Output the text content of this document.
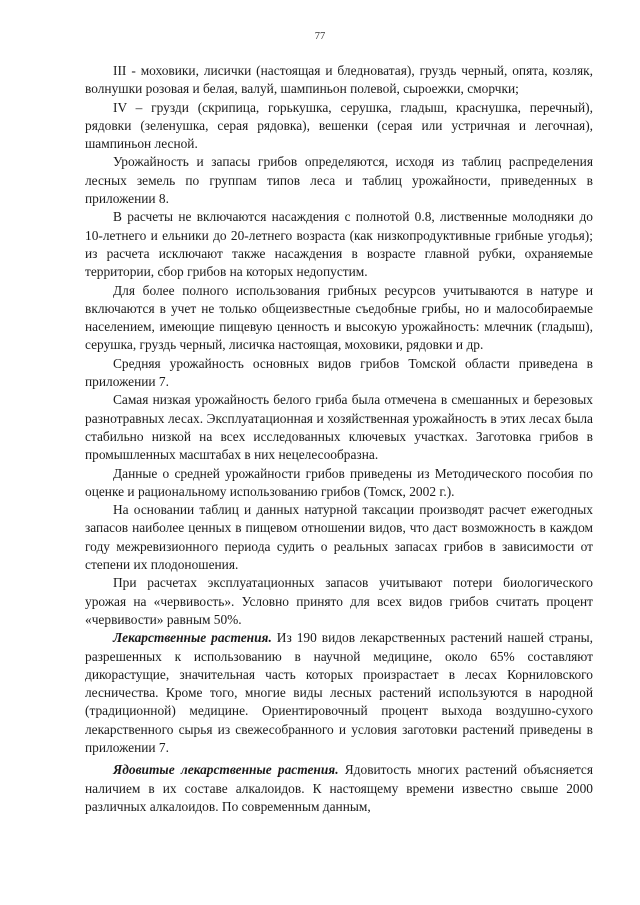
77

III - моховики, лисички (настоящая и бледноватая), груздь черный, опята, козляк, волнушки розовая и белая, валуй, шампиньон полевой, сыроежки, сморчки;

IV – грузди (скрипица, горькушка, серушка, гладыш, краснушка, перечный), рядовки (зеленушка, серая рядовка), вешенки (серая или устричная и легочная), шампиньон лесной.

Урожайность и запасы грибов определяются, исходя из таблиц распределения лесных земель по группам типов леса и таблиц урожайности, приведенных в приложении 8.

В расчеты не включаются насаждения с полнотой 0.8, лиственные молодняки до 10-летнего и ельники до 20-летнего возраста (как низкопродуктивные грибные угодья); из расчета исключают также насаждения в возрасте главной рубки, охраняемые территории, сбор грибов на которых недопустим.

Для более полного использования грибных ресурсов учитываются в натуре и включаются в учет не только общеизвестные съедобные грибы, но и малособираемые населением, имеющие пищевую ценность и высокую урожайность: млечник (гладыш), серушка, груздь черный, лисичка настоящая, моховики, рядовки и др.

Средняя урожайность основных видов грибов Томской области приведена в приложении 7.

Самая низкая урожайность белого гриба была отмечена в смешанных и березовых разнотравных лесах. Эксплуатационная и хозяйственная урожайность в этих лесах была стабильно низкой на всех исследованных ключевых участках. Заготовка грибов в промышленных масштабах в них нецелесообразна.

Данные о средней урожайности грибов приведены из Методического пособия по оценке и рациональному использованию грибов (Томск, 2002 г.).

На основании таблиц и данных натурной таксации производят расчет ежегодных запасов наиболее ценных в пищевом отношении видов, что даст возможность в каждом году межревизионного периода судить о реальных запасах грибов в зависимости от степени их плодоношения.

При расчетах эксплуатационных запасов учитывают потери биологического урожая на «червивость». Условно принято для всех видов грибов считать процент «червивости» равным 50%.

Лекарственные растения. Из 190 видов лекарственных растений нашей страны, разрешенных к использованию в научной медицине, около 65% составляют дикорастущие, значительная часть которых произрастает в лесах Корниловского лесничества. Кроме того, многие виды лесных растений используются в народной (традиционной) медицине. Ориентировочный процент выхода воздушно-сухого лекарственного сырья из свежесобранного и условия заготовки растений приведены в приложении 7.

Ядовитые лекарственные растения. Ядовитость многих растений объясняется наличием в их составе алкалоидов. К настоящему времени известно свыше 2000 различных алкалоидов. По современным данным,
